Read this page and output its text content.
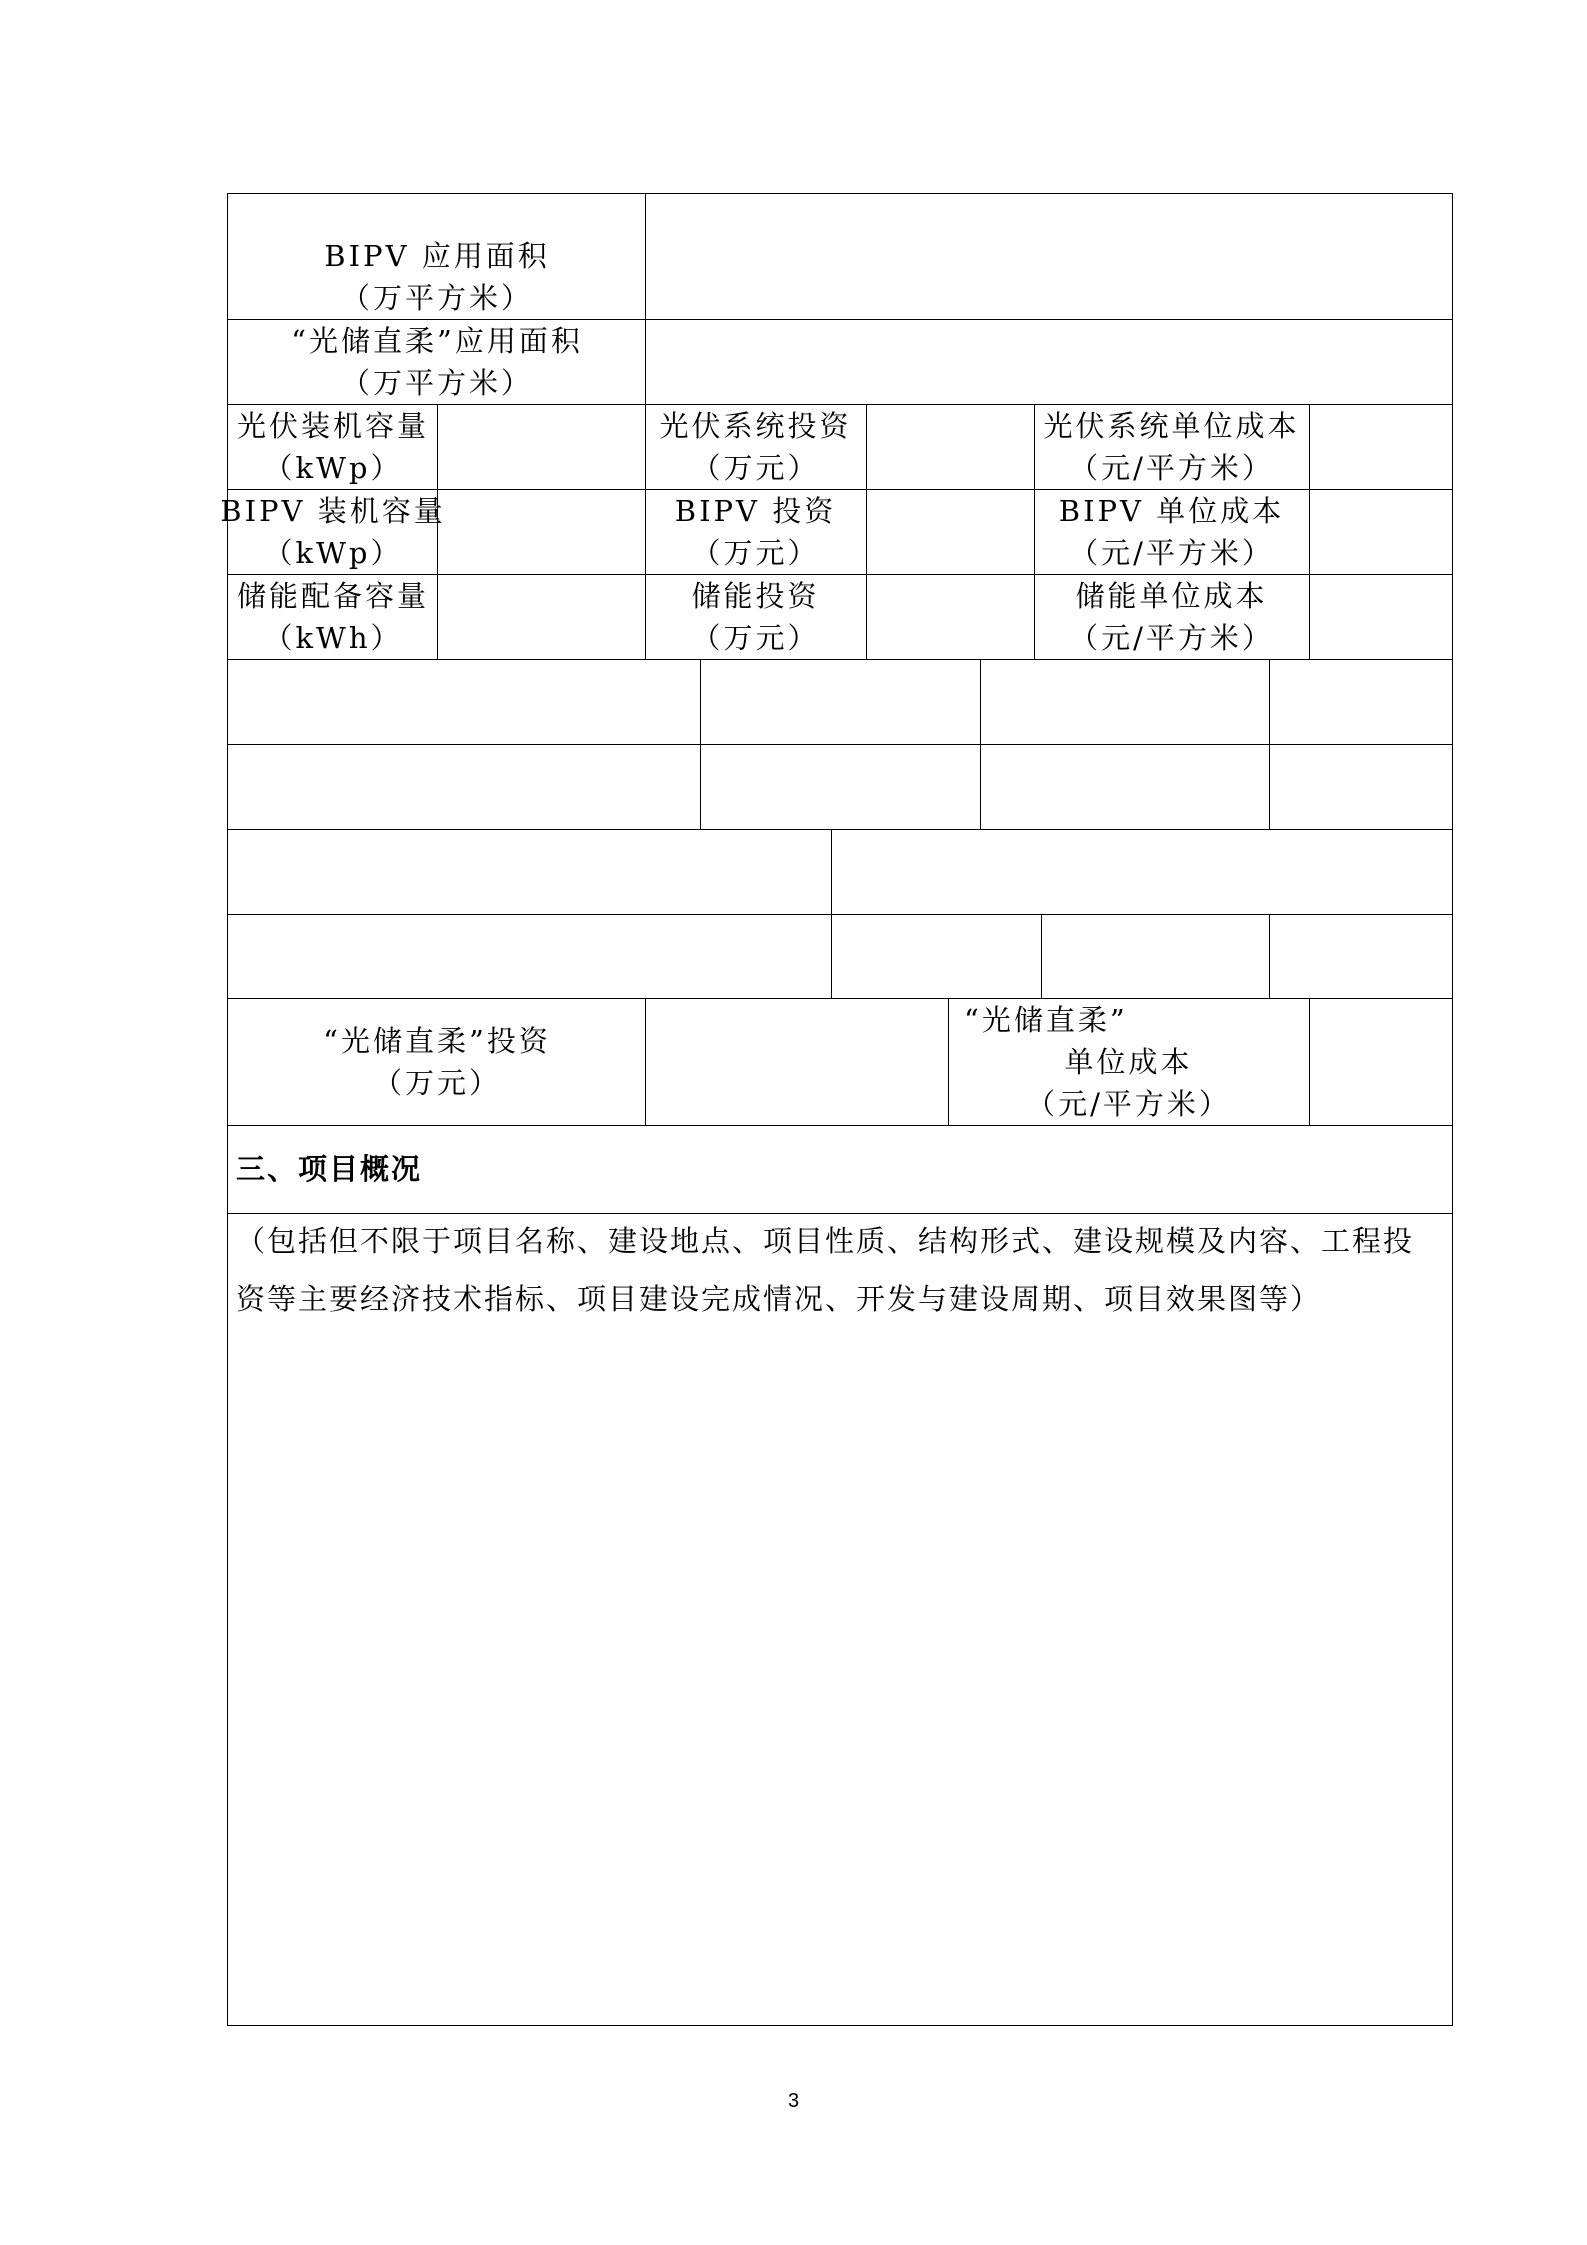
BIPV 应用面积
（万平方米）
“光储直柔”应用面积
（万平方米）
光伏装机容量
（kWp）
光伏系统投资
（万元）
光伏系统单位成本
（元/平方米）
BIPV 装机容量
（kWp）
BIPV 投资
（万元）
BIPV 单位成本
（元/平方米）
储能配备容量
（kWh）
储能投资
（万元）
储能单位成本
（元/平方米）
“光储直柔”投资
（万元）
“光储直柔”
单位成本
（元/平方米）
三、项目概况
（包括但不限于项目名称、建设地点、项目性质、结构形式、建设规模及内容、工程投
资等主要经济技术指标、项目建设完成情况、开发与建设周期、项目效果图等）
3
